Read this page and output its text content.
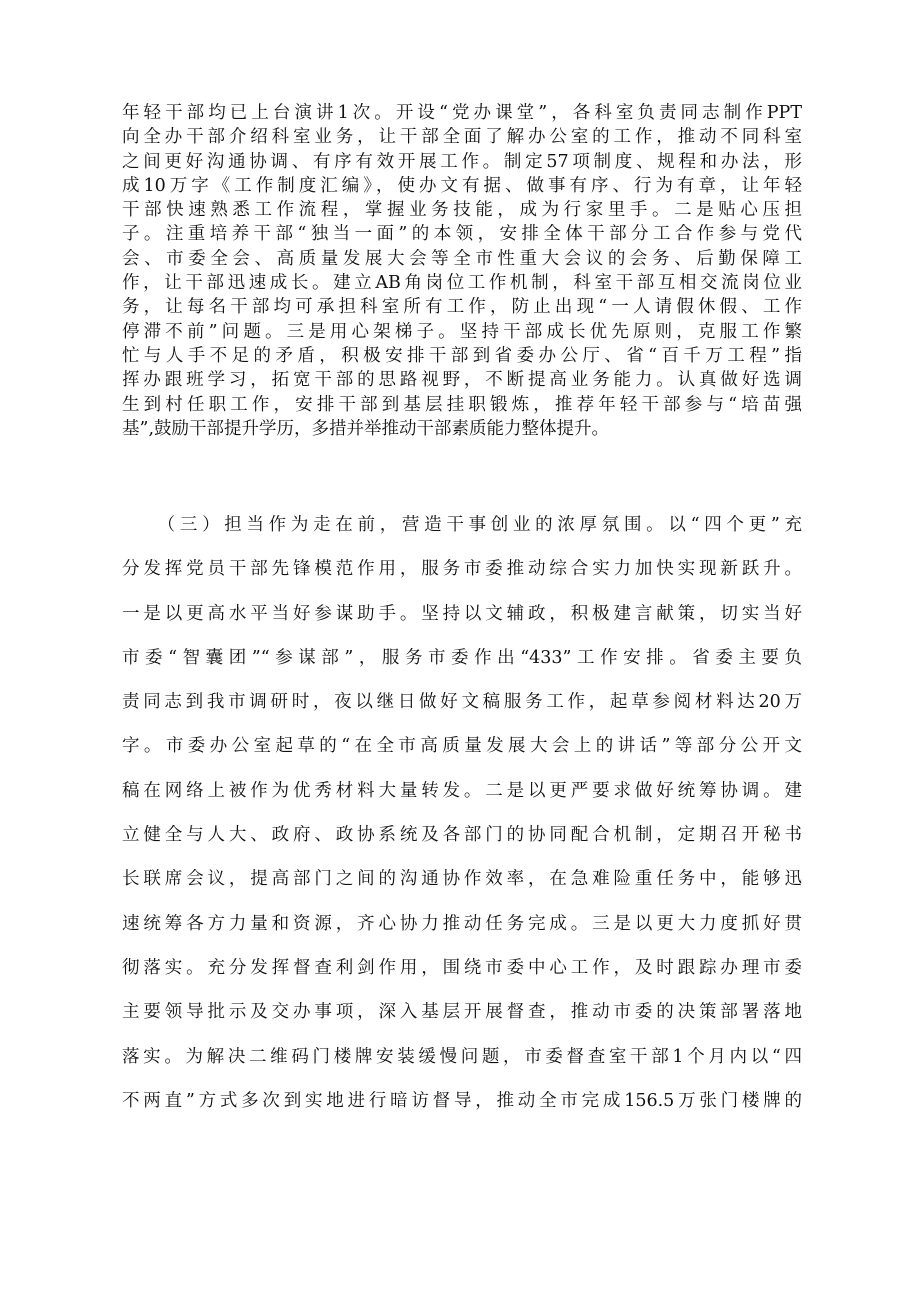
年轻干部均已上台演讲1次。开设“党办课堂”，各科室负责同志制作PPT
向全办干部介绍科室业务，让干部全面了解办公室的工作，推动不同科室
之间更好沟通协调、有序有效开展工作。制定57项制度、规程和办法，形
成10万字《工作制度汇编》，使办文有据、做事有序、行为有章，让年轻
干部快速熟悉工作流程，掌握业务技能，成为行家里手。二是贴心压担
子。注重培养干部“独当一面”的本领，安排全体干部分工合作参与党代
会、市委全会、高质量发展大会等全市性重大会议的会务、后勤保障工
作，让干部迅速成长。建立AB角岗位工作机制，科室干部互相交流岗位业
务，让每名干部均可承担科室所有工作，防止出现“一人请假休假、工作
停滞不前”问题。三是用心架梯子。坚持干部成长优先原则，克服工作繁
忙与人手不足的矛盾，积极安排干部到省委办公厅、省“百千万工程”指
挥办跟班学习，拓宽干部的思路视野，不断提高业务能力。认真做好选调
生到村任职工作，安排干部到基层挂职锻炼，推荐年轻干部参与“培苗强
基”,鼓励干部提升学历，多措并举推动干部素质能力整体提升。
　　（三）担当作为走在前，营造干事创业的浓厚氛围。以“四个更”充
分发挥党员干部先锋模范作用，服务市委推动综合实力加快实现新跃升。
一是以更高水平当好参谋助手。坚持以文辅政，积极建言献策，切实当好
市委“智囊团”“参谋部”，服务市委作出“433”工作安排。省委主要负
责同志到我市调研时，夜以继日做好文稿服务工作，起草参阅材料达20万
字。市委办公室起草的“在全市高质量发展大会上的讲话”等部分公开文
稿在网络上被作为优秀材料大量转发。二是以更严要求做好统筹协调。建
立健全与人大、政府、政协系统及各部门的协同配合机制，定期召开秘书
长联席会议，提高部门之间的沟通协作效率，在急难险重任务中，能够迅
速统筹各方力量和资源，齐心协力推动任务完成。三是以更大力度抓好贯
彻落实。充分发挥督查利剑作用，围绕市委中心工作，及时跟踪办理市委
主要领导批示及交办事项，深入基层开展督查，推动市委的决策部署落地
落实。为解决二维码门楼牌安装缓慢问题，市委督查室干部1个月内以“四
不两直”方式多次到实地进行暗访督导，推动全市完成156.5万张门楼牌的
